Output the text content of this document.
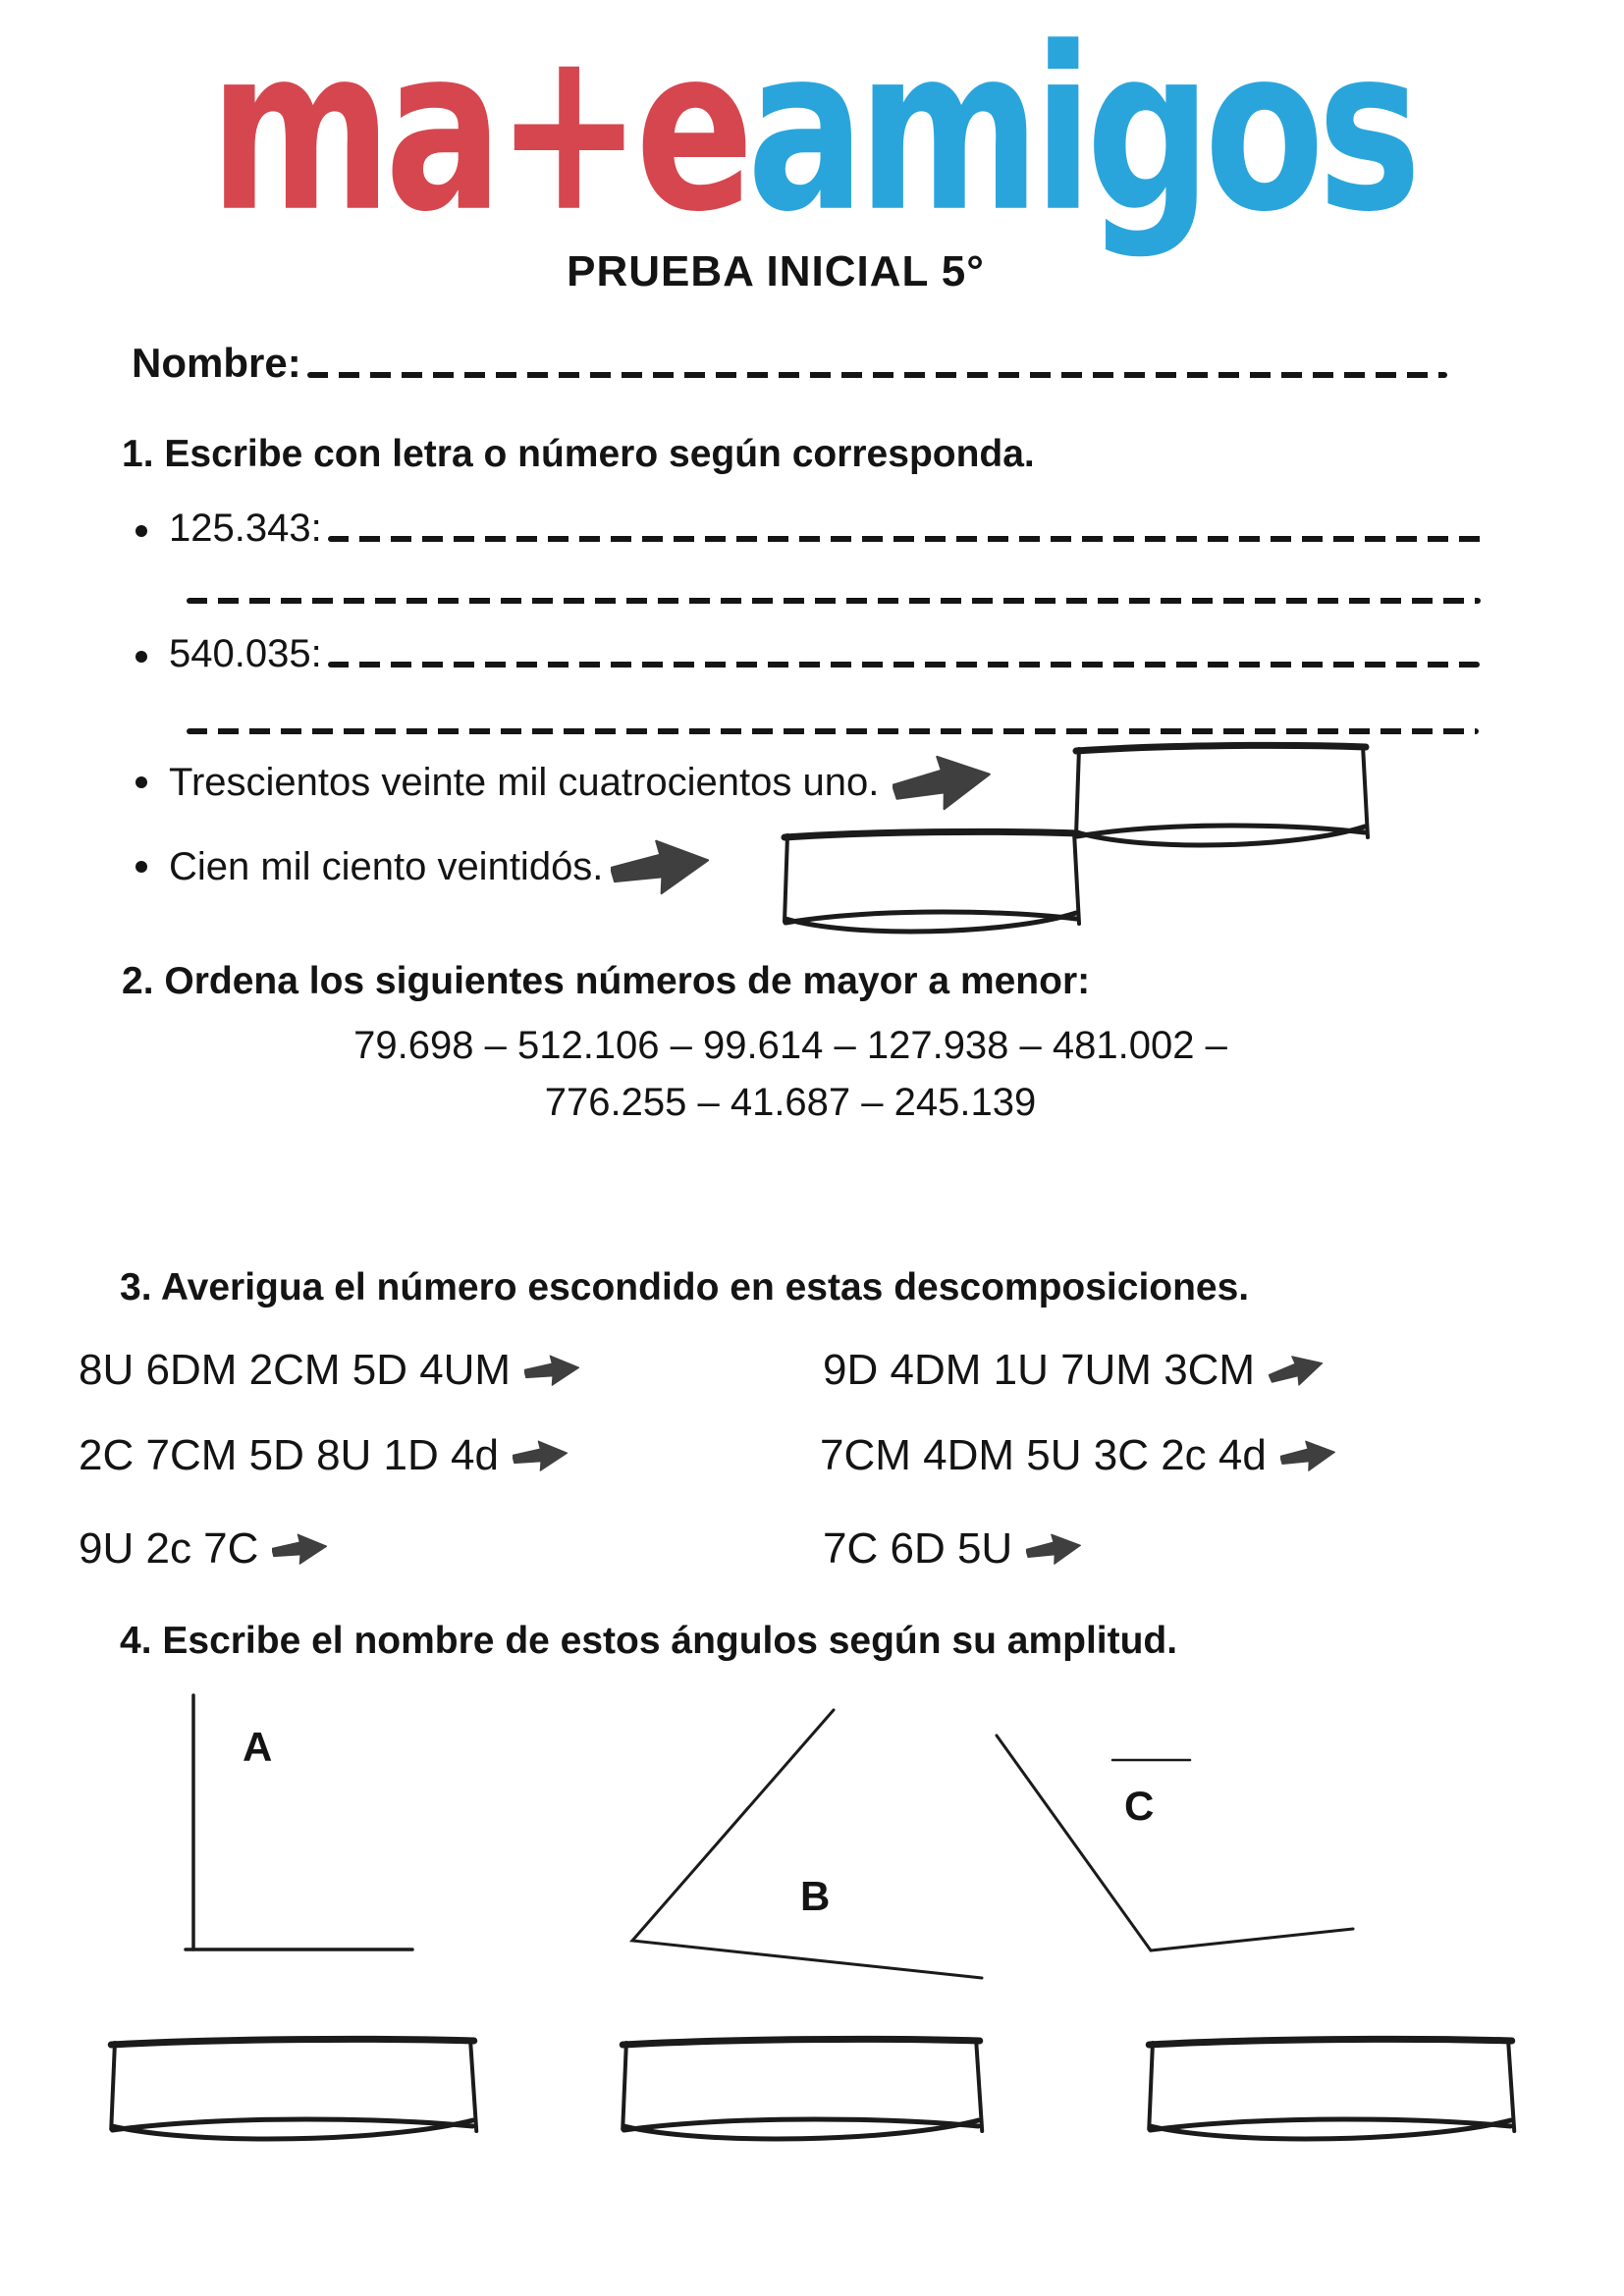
ma+eamigos
PRUEBA INICIAL 5°
Nombre:
1. Escribe con letra o número según corresponda.
125.343:
540.035:
Trescientos veinte mil cuatrocientos uno.
Cien mil ciento veintidós.
2. Ordena los siguientes números de mayor a menor:
79.698 – 512.106 – 99.614 – 127.938 – 481.002 –
776.255 – 41.687 – 245.139
3. Averigua el número escondido en estas descomposiciones.
8U 6DM 2CM 5D 4UM	9D 4DM 1U 7UM 3CM
2C 7CM 5D 8U 1D 4d	7CM 4DM 5U 3C 2c 4d
9U 2c 7C	7C 6D 5U
4. Escribe el nombre de estos ángulos según su amplitud.
A
B
C
